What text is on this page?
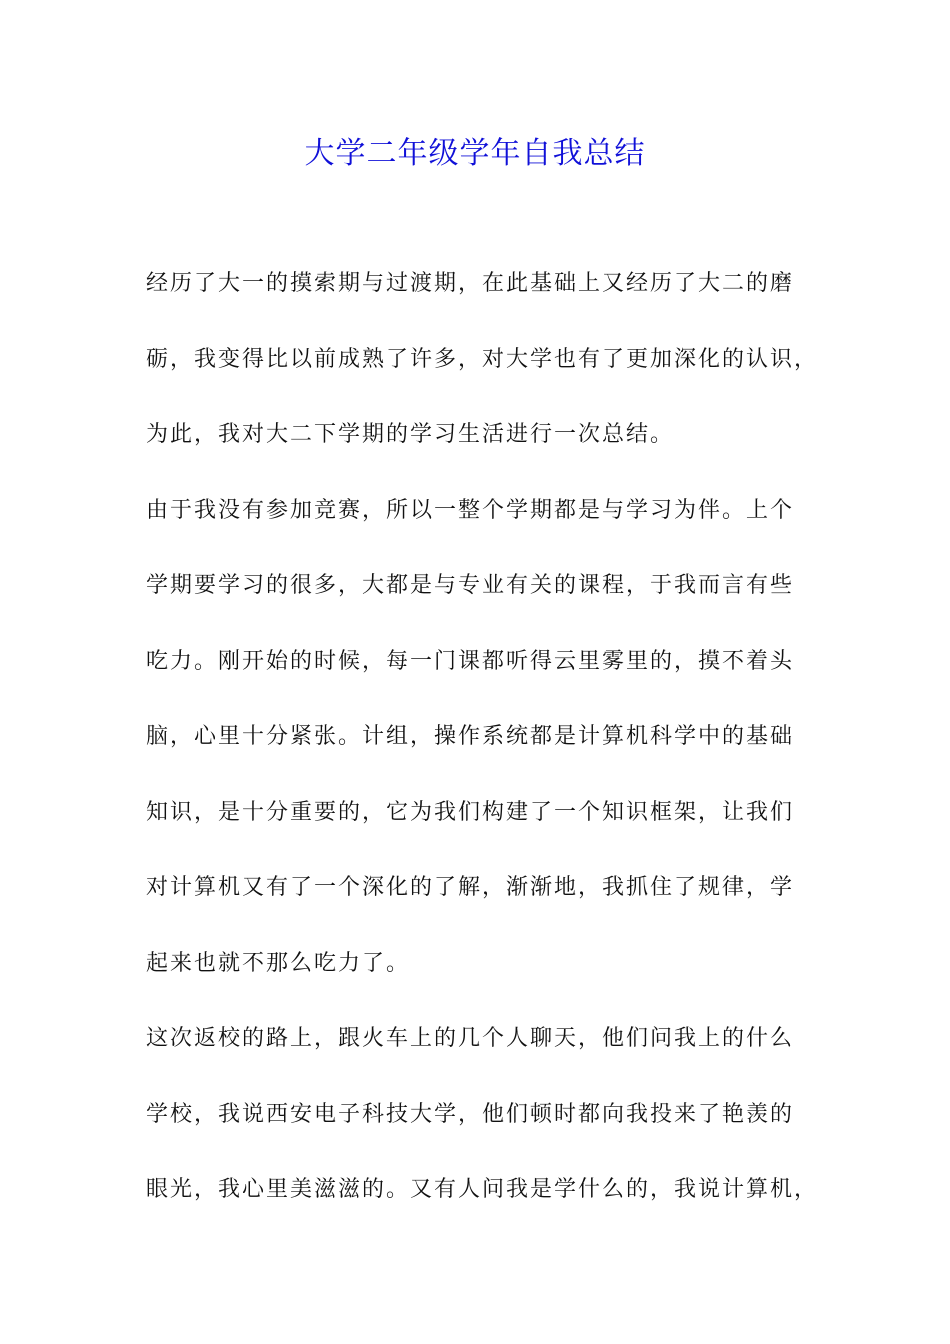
大学二年级学年自我总结
经历了大一的摸索期与过渡期，在此基础上又经历了大二的磨
砺，我变得比以前成熟了许多，对大学也有了更加深化的认识，
为此，我对大二下学期的学习生活进行一次总结。
由于我没有参加竞赛，所以一整个学期都是与学习为伴。上个
学期要学习的很多，大都是与专业有关的课程，于我而言有些
吃力。刚开始的时候，每一门课都听得云里雾里的，摸不着头
脑，心里十分紧张。计组，操作系统都是计算机科学中的基础
知识，是十分重要的，它为我们构建了一个知识框架，让我们
对计算机又有了一个深化的了解，渐渐地，我抓住了规律，学
起来也就不那么吃力了。
这次返校的路上，跟火车上的几个人聊天，他们问我上的什么
学校，我说西安电子科技大学，他们顿时都向我投来了艳羡的
眼光，我心里美滋滋的。又有人问我是学什么的，我说计算机，
